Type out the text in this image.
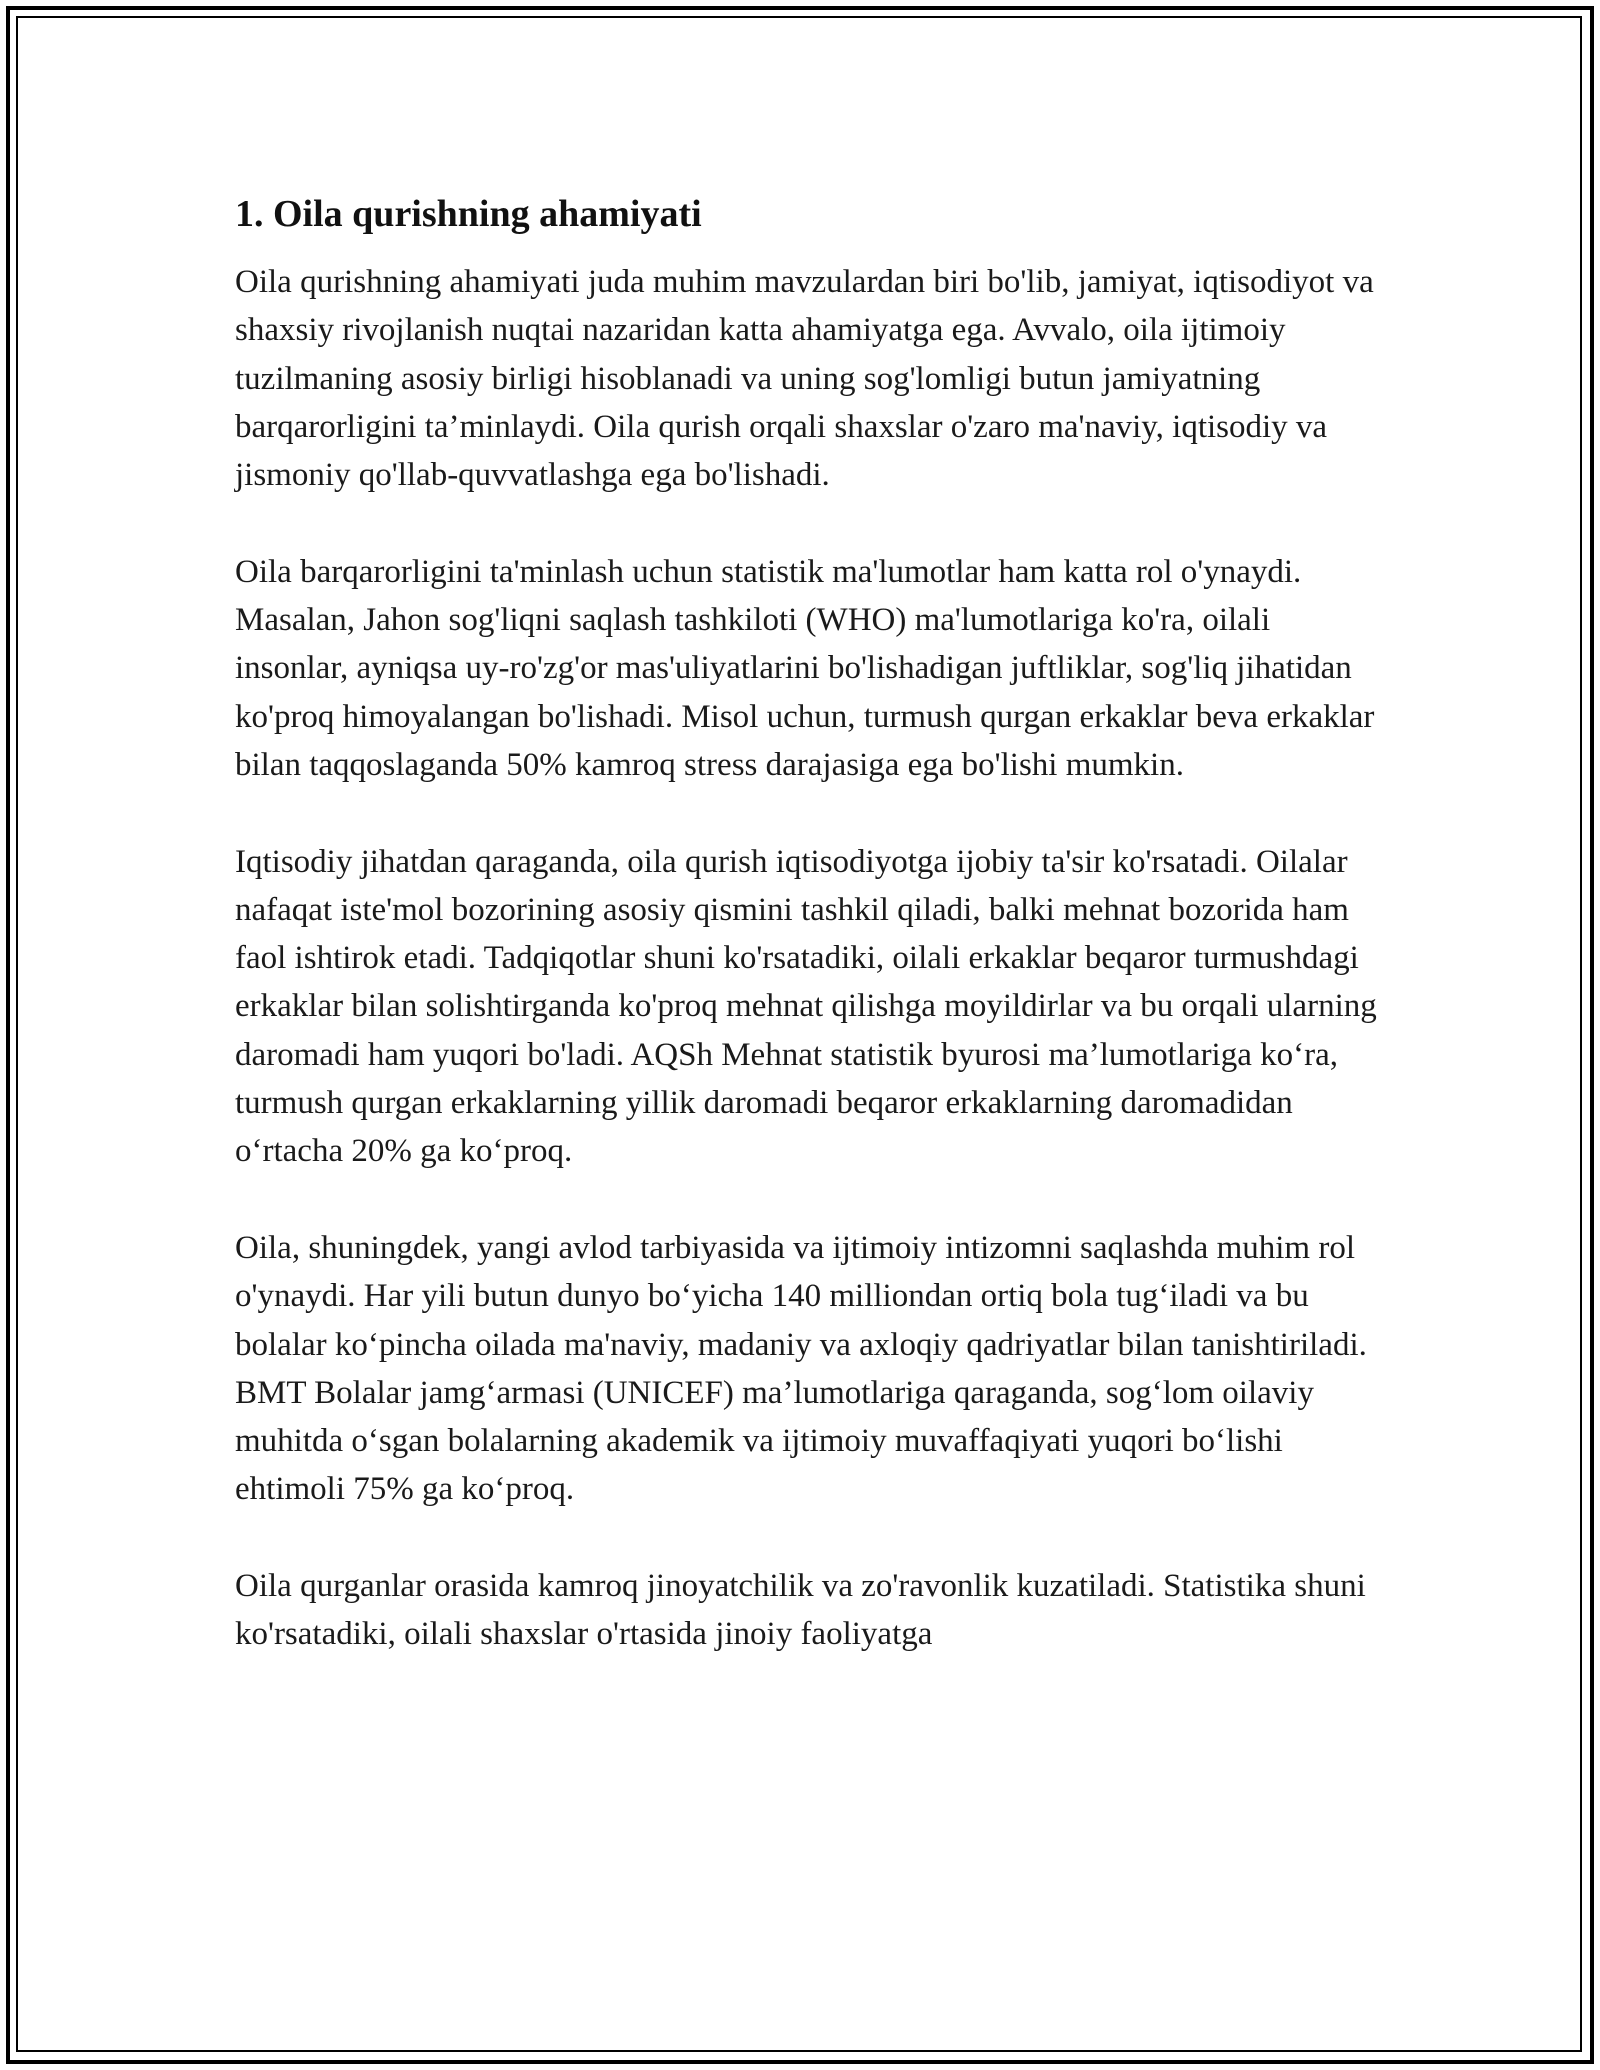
1. Oila qurishning ahamiyati

Oila qurishning ahamiyati juda muhim mavzulardan biri bo'lib, jamiyat, iqtisodiyot va shaxsiy rivojlanish nuqtai nazaridan katta ahamiyatga ega. Avvalo, oila ijtimoiy tuzilmaning asosiy birligi hisoblanadi va uning sog'lomligi butun jamiyatning barqarorligini ta’minlaydi. Oila qurish orqali shaxslar o'zaro ma'naviy, iqtisodiy va jismoniy qo'llab-quvvatlashga ega bo'lishadi.

Oila barqarorligini ta'minlash uchun statistik ma'lumotlar ham katta rol o'ynaydi. Masalan, Jahon sog'liqni saqlash tashkiloti (WHO) ma'lumotlariga ko'ra, oilali insonlar, ayniqsa uy-ro'zg'or mas'uliyatlarini bo'lishadigan juftliklar, sog'liq jihatidan ko'proq himoyalangan bo'lishadi. Misol uchun, turmush qurgan erkaklar beva erkaklar bilan taqqoslaganda 50% kamroq stress darajasiga ega bo'lishi mumkin.

Iqtisodiy jihatdan qaraganda, oila qurish iqtisodiyotga ijobiy ta'sir ko'rsatadi. Oilalar nafaqat iste'mol bozorining asosiy qismini tashkil qiladi, balki mehnat bozorida ham faol ishtirok etadi. Tadqiqotlar shuni ko'rsatadiki, oilali erkaklar beqaror turmushdagi erkaklar bilan solishtirganda ko'proq mehnat qilishga moyildirlar va bu orqali ularning daromadi ham yuqori bo'ladi. AQSh Mehnat statistik byurosi ma’lumotlariga ko‘ra, turmush qurgan erkaklarning yillik daromadi beqaror erkaklarning daromadidan o‘rtacha 20% ga ko‘proq.

Oila, shuningdek, yangi avlod tarbiyasida va ijtimoiy intizomni saqlashda muhim rol o'ynaydi. Har yili butun dunyo bo‘yicha 140 milliondan ortiq bola tug‘iladi va bu bolalar ko‘pincha oilada ma'naviy, madaniy va axloqiy qadriyatlar bilan tanishtiriladi. BMT Bolalar jamg‘armasi (UNICEF) ma’lumotlariga qaraganda, sog‘lom oilaviy muhitda o‘sgan bolalarning akademik va ijtimoiy muvaffaqiyati yuqori bo‘lishi ehtimoli 75% ga ko‘proq.

Oila qurganlar orasida kamroq jinoyatchilik va zo'ravonlik kuzatiladi. Statistika shuni ko'rsatadiki, oilali shaxslar o'rtasida jinoiy faoliyatga
